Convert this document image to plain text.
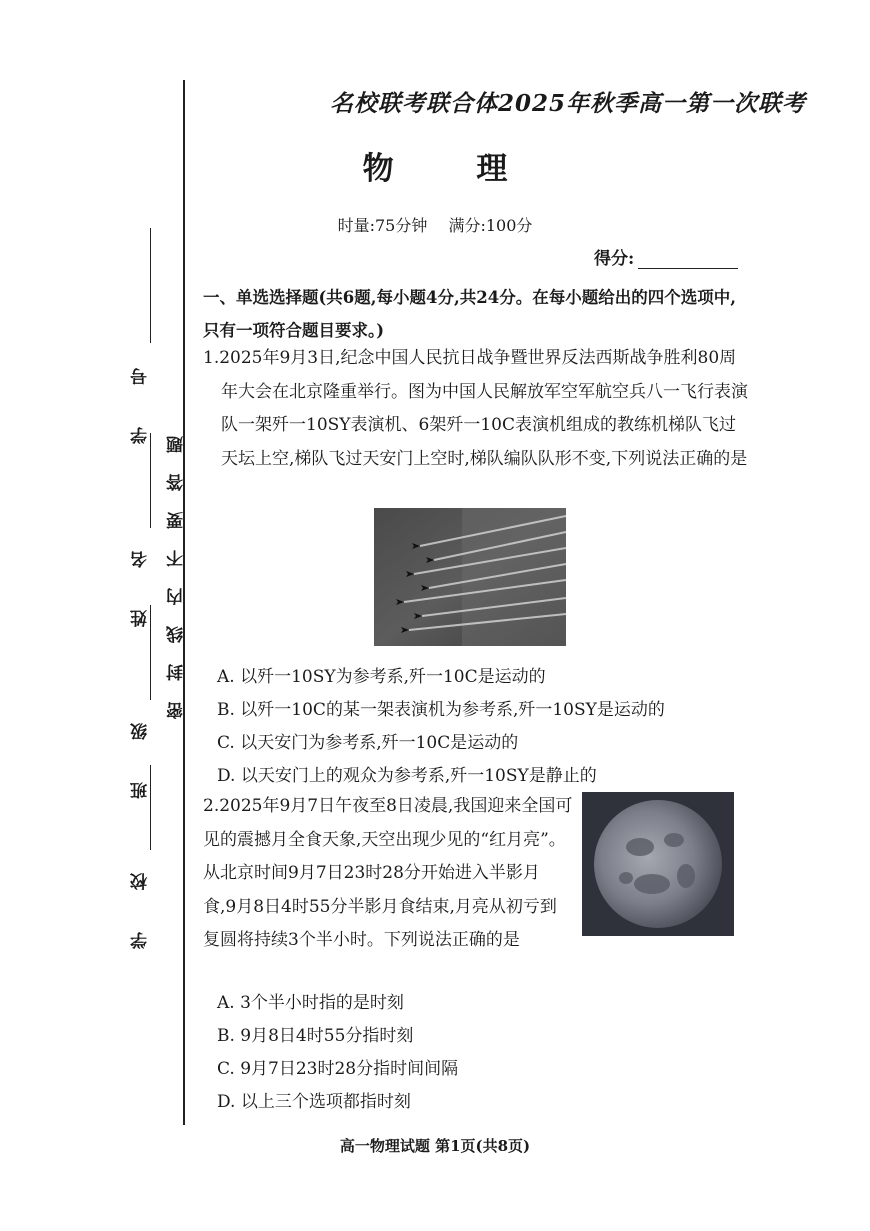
学 校
班 级
姓 名
学 号
密封线内不要答题
名校联考联合体2025年秋季高一第一次联考
物 理
时量:75分钟 满分:100分
得分:
一、单选选择题(共6题,每小题4分,共24分。在每小题给出的四个选项中,只有一项符合题目要求。)
1.2025年9月3日,纪念中国人民抗日战争暨世界反法西斯战争胜利80周年大会在北京隆重举行。图为中国人民解放军空军航空兵八一飞行表演队一架歼一10SY表演机、6架歼一10C表演机组成的教练机梯队飞过天坛上空,梯队飞过天安门上空时,梯队编队队形不变,下列说法正确的是
A. 以歼一10SY为参考系,歼一10C是运动的
B. 以歼一10C的某一架表演机为参考系,歼一10SY是运动的
C. 以天安门为参考系,歼一10C是运动的
D. 以天安门上的观众为参考系,歼一10SY是静止的
2.2025年9月7日午夜至8日凌晨,我国迎来全国可见的震撼月全食天象,天空出现少见的“红月亮”。从北京时间9月7日23时28分开始进入半影月食,9月8日4时55分半影月食结束,月亮从初亏到复圆将持续3个半小时。下列说法正确的是
A. 3个半小时指的是时刻
B. 9月8日4时55分指时刻
C. 9月7日23时28分指时间间隔
D. 以上三个选项都指时刻
高一物理试题 第1页(共8页)
